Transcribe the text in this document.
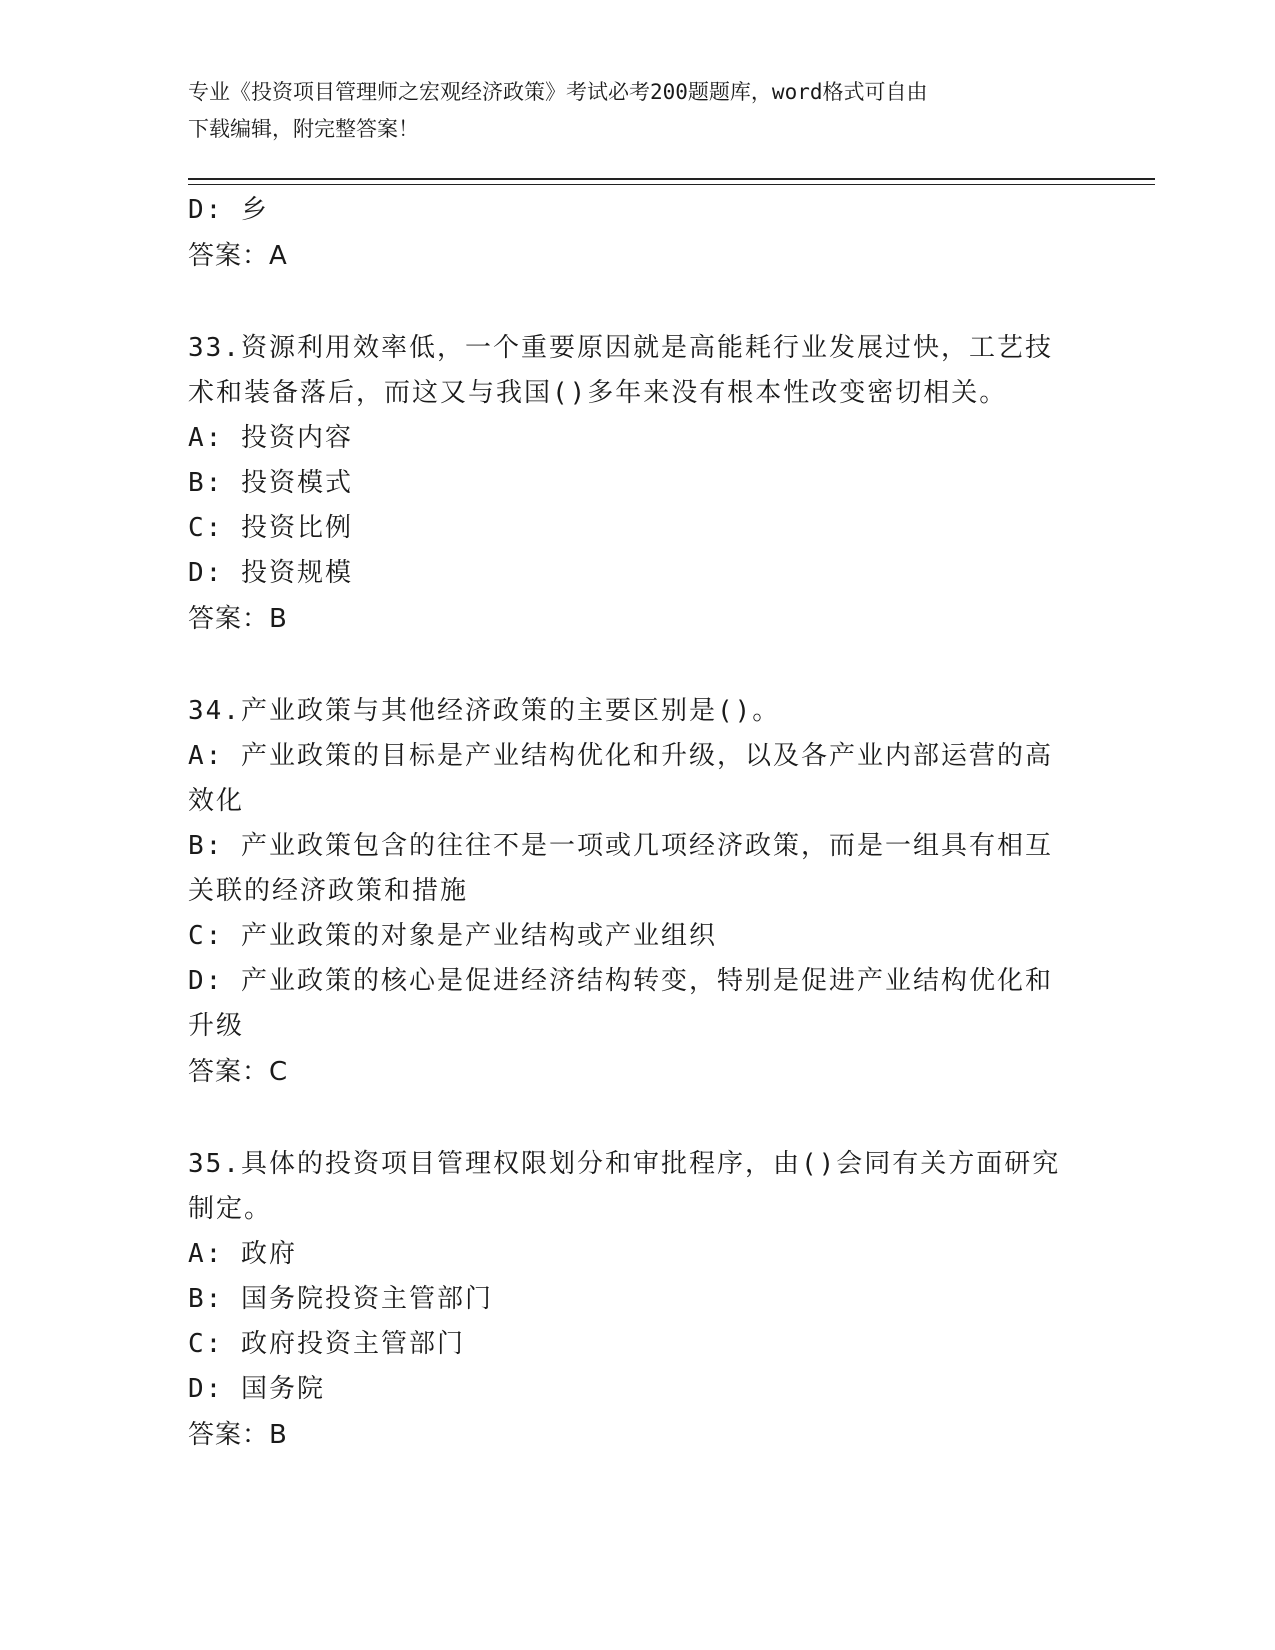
专业《投资项目管理师之宏观经济政策》考试必考200题题库，word格式可自由
下载编辑，附完整答案！
D: 乡
答案：A
33.资源利用效率低，一个重要原因就是高能耗行业发展过快，工艺技
术和装备落后，而这又与我国()多年来没有根本性改变密切相关。
A: 投资内容
B: 投资模式
C: 投资比例
D: 投资规模
答案：B
34.产业政策与其他经济政策的主要区别是()。
A: 产业政策的目标是产业结构优化和升级，以及各产业内部运营的高
效化
B: 产业政策包含的往往不是一项或几项经济政策，而是一组具有相互
关联的经济政策和措施
C: 产业政策的对象是产业结构或产业组织
D: 产业政策的核心是促进经济结构转变，特别是促进产业结构优化和
升级
答案：C
35.具体的投资项目管理权限划分和审批程序，由()会同有关方面研究
制定。
A: 政府
B: 国务院投资主管部门
C: 政府投资主管部门
D: 国务院
答案：B
